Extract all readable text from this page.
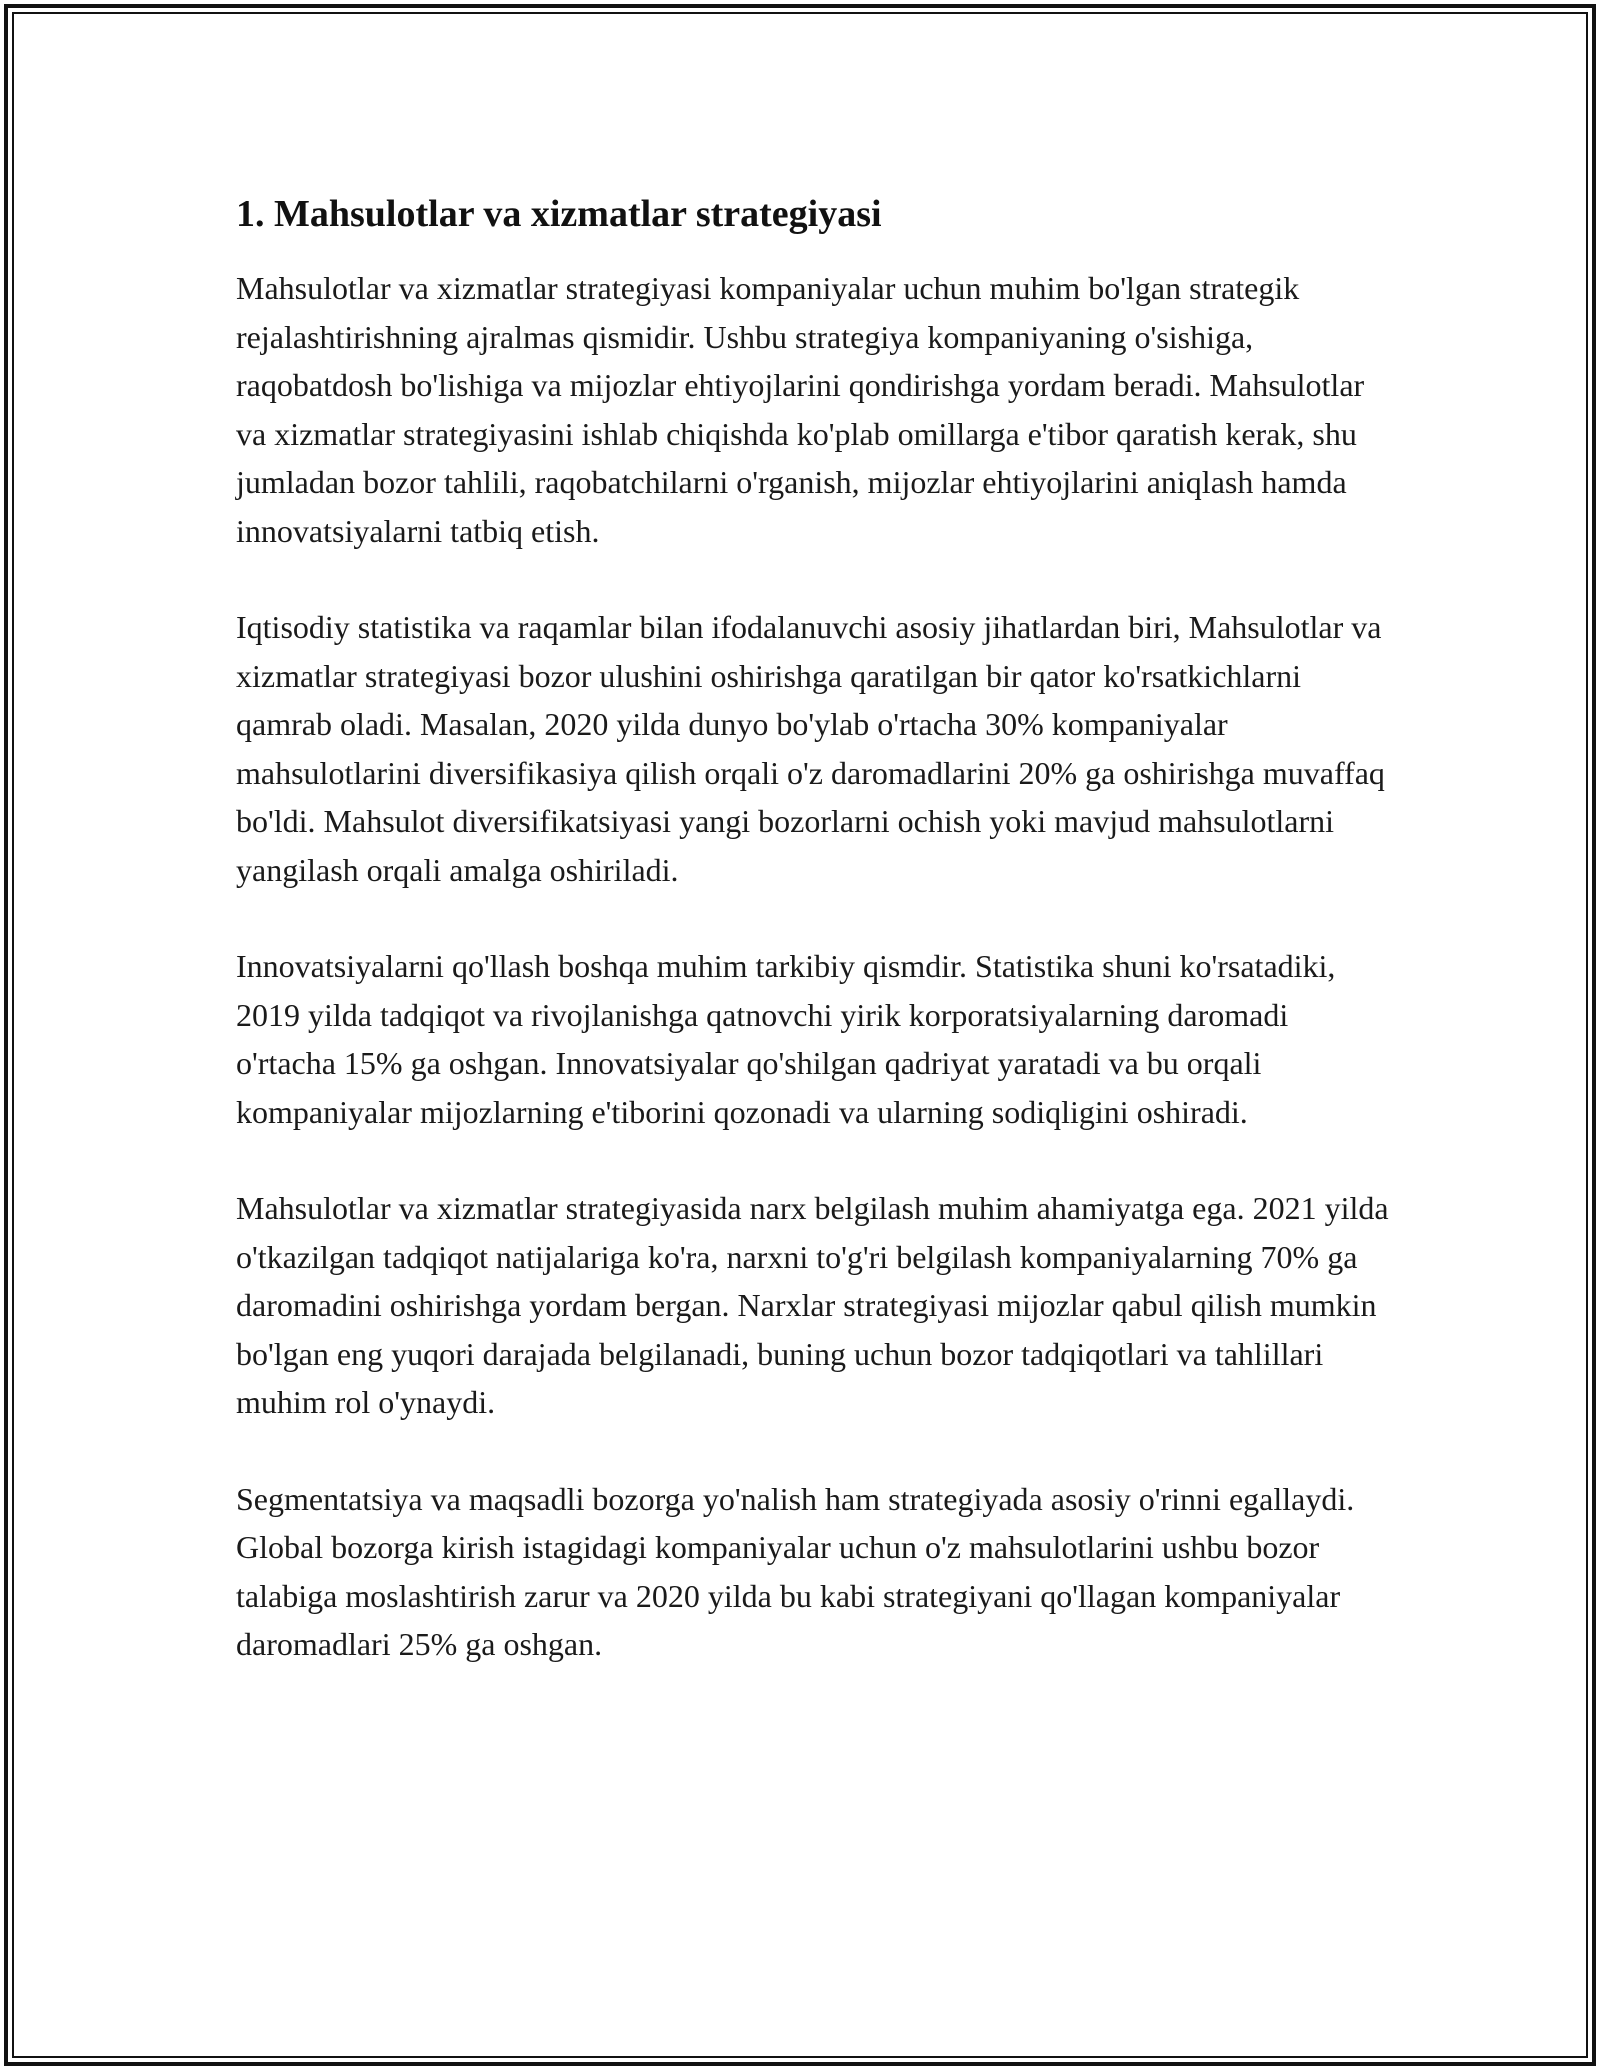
1. Mahsulotlar va xizmatlar strategiyasi

Mahsulotlar va xizmatlar strategiyasi kompaniyalar uchun muhim bo'lgan strategik rejalashtirishning ajralmas qismidir. Ushbu strategiya kompaniyaning o'sishiga, raqobatdosh bo'lishiga va mijozlar ehtiyojlarini qondirishga yordam beradi. Mahsulotlar va xizmatlar strategiyasini ishlab chiqishda ko'plab omillarga e'tibor qaratish kerak, shu jumladan bozor tahlili, raqobatchilarni o'rganish, mijozlar ehtiyojlarini aniqlash hamda innovatsiyalarni tatbiq etish.

Iqtisodiy statistika va raqamlar bilan ifodalanuvchi asosiy jihatlardan biri, Mahsulotlar va xizmatlar strategiyasi bozor ulushini oshirishga qaratilgan bir qator ko'rsatkichlarni qamrab oladi. Masalan, 2020 yilda dunyo bo'ylab o'rtacha 30% kompaniyalar mahsulotlarini diversifikasiya qilish orqali o'z daromadlarini 20% ga oshirishga muvaffaq bo'ldi. Mahsulot diversifikatsiyasi yangi bozorlarni ochish yoki mavjud mahsulotlarni yangilash orqali amalga oshiriladi.

Innovatsiyalarni qo'llash boshqa muhim tarkibiy qismdir. Statistika shuni ko'rsatadiki, 2019 yilda tadqiqot va rivojlanishga qatnovchi yirik korporatsiyalarning daromadi o'rtacha 15% ga oshgan. Innovatsiyalar qo'shilgan qadriyat yaratadi va bu orqali kompaniyalar mijozlarning e'tiborini qozonadi va ularning sodiqligini oshiradi.

Mahsulotlar va xizmatlar strategiyasida narx belgilash muhim ahamiyatga ega. 2021 yilda o'tkazilgan tadqiqot natijalariga ko'ra, narxni to'g'ri belgilash kompaniyalarning 70% ga daromadini oshirishga yordam bergan. Narxlar strategiyasi mijozlar qabul qilish mumkin bo'lgan eng yuqori darajada belgilanadi, buning uchun bozor tadqiqotlari va tahlillari muhim rol o'ynaydi.

Segmentatsiya va maqsadli bozorga yo'nalish ham strategiyada asosiy o'rinni egallaydi. Global bozorga kirish istagidagi kompaniyalar uchun o'z mahsulotlarini ushbu bozor talabiga moslashtirish zarur va 2020 yilda bu kabi strategiyani qo'llagan kompaniyalar daromadlari 25% ga oshgan.
